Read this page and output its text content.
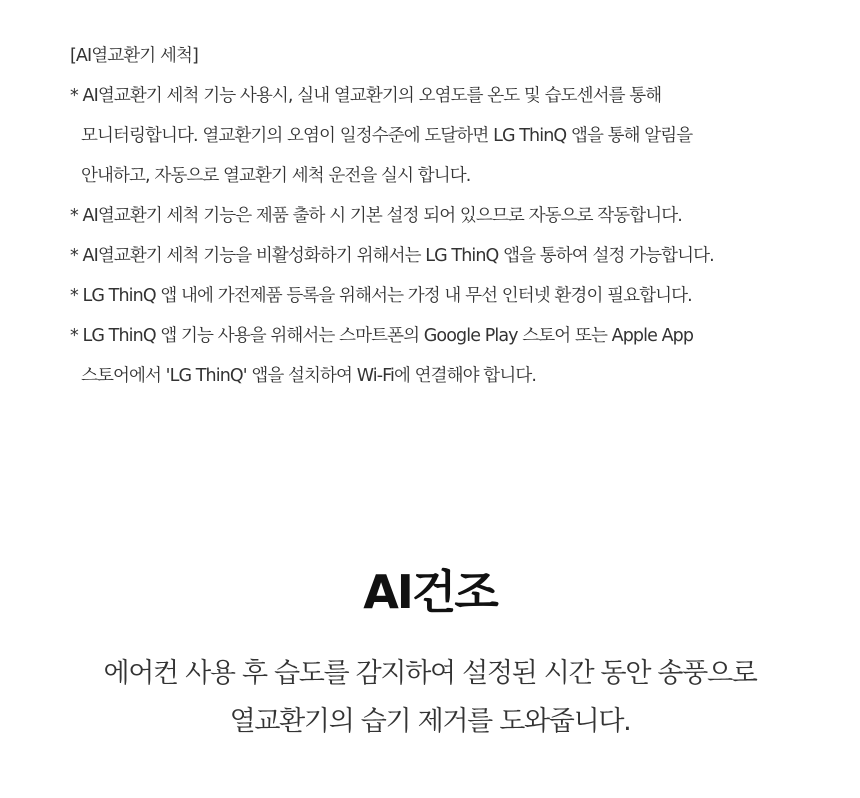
[AI열교환기 세척]
* AI열교환기 세척 기능 사용시, 실내 열교환기의 오염도를 온도 및 습도센서를 통해
모니터링합니다. 열교환기의 오염이 일정수준에 도달하면 LG ThinQ 앱을 통해 알림을
안내하고, 자동으로 열교환기 세척 운전을 실시 합니다.
* AI열교환기 세척 기능은 제품 출하 시 기본 설정 되어 있으므로 자동으로 작동합니다.
* AI열교환기 세척 기능을 비활성화하기 위해서는 LG ThinQ 앱을 통하여 설정 가능합니다.
* LG ThinQ 앱 내에 가전제품 등록을 위해서는 가정 내 무선 인터넷 환경이 필요합니다.
* LG ThinQ 앱 기능 사용을 위해서는 스마트폰의 Google Play 스토어 또는 Apple App
스토어에서 'LG ThinQ' 앱을 설치하여 Wi-Fi에 연결해야 합니다.
AI건조

에어컨 사용 후 습도를 감지하여 설정된 시간 동안 송풍으로
열교환기의 습기 제거를 도와줍니다.
